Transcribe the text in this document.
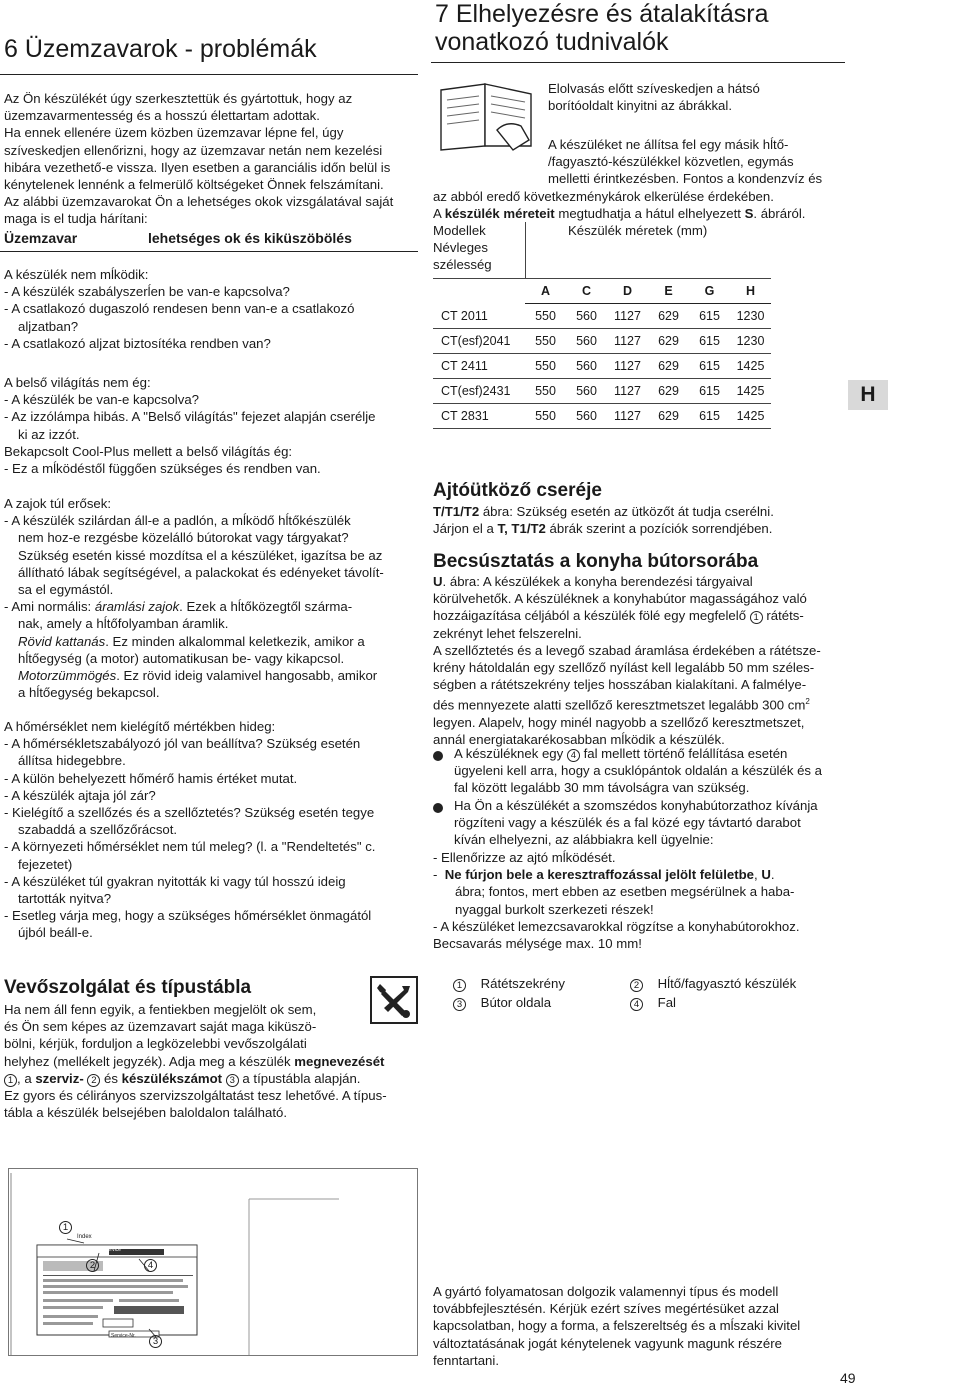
6 Üzemzavarok - problémák
Az Ön készülékét úgy szerkesztettük és gyártottuk, hogy az
üzemzavarmentesség és a hosszú élettartam adottak.
Ha ennek ellenére üzem közben üzemzavar lépne fel, úgy
szíveskedjen ellenőrizni, hogy az üzemzavar netán nem kezelési
hibára vezethető-e vissza. Ilyen esetben a garanciális időn belül is
kénytelenek lennénk a felmerülő költségeket Önnek felszámítani.
Az alábbi üzemzavarokat Ön a lehetséges okok vizsgálatával saját
maga is el tudja hárítani:
Üzemzavar	lehetséges ok és kiküszöbölés
A készülék nem mĺködik:
- A készülék szabályszerĺen be van-e kapcsolva?
- A csatlakozó dugaszoló rendesen benn van-e a csatlakozó
aljzatban?
- A csatlakozó aljzat biztosítéka rendben van?
A belső világítás nem ég:
- A készülék be van-e kapcsolva?
- Az izzólámpa hibás. A "Belső világítás" fejezet alapján cserélje
ki az izzót.
Bekapcsolt Cool-Plus mellett a belső világítás ég:
- Ez a mĺködéstől függően szükséges és rendben van.
A zajok túl erősek:
- A készülék szilárdan áll-e a padlón, a mĺködő hĺtőkészülék
nem hoz-e rezgésbe közelálló bútorokat vagy tárgyakat?
Szükség esetén kissé mozdítsa el a készüléket, igazítsa be az
állítható lábak segítségével, a palackokat és edényeket távolít-
sa el egymástól.
- Ami normális: áramlási zajok. Ezek a hĺtőközegtől szárma-
nak, amely a hĺtőfolyamban áramlik.
Rövid kattanás. Ez minden alkalommal keletkezik, amikor a
hĺtőegység (a motor) automatikusan be- vagy kikapcsol.
Motorzümmögés. Ez rövid ideig valamivel hangosabb, amikor
a hĺtőegység bekapcsol.
A hőmérséklet nem kielégítő mértékben hideg:
- A hőmérsékletszabályozó jól van beállítva? Szükség esetén
állítsa hidegebbre.
- A külön behelyezett hőmérő hamis értéket mutat.
- A készülék ajtaja jól zár?
- Kielégítő a szellőzés és a szellőztetés? Szükség esetén tegye
szabaddá a szellőzőrácsot.
- A környezeti hőmérséklet nem túl meleg? (l. a "Rendeltetés" c.
fejezetet)
- A készüléket túl gyakran nyitották ki vagy túl hosszú ideig
tartották nyitva?
- Esetleg várja meg, hogy a szükséges hőmérséklet önmagától
újból beáll-e.
Vevőszolgálat és típustábla
Ha nem áll fenn egyik, a fentiekben megjelölt ok sem,
és Ön sem képes az üzemzavart saját maga kiküszö-
bölni, kérjük, forduljon a legközelebbi vevőszolgálati
helyhez (mellékelt jegyzék). Adja meg a készülék megnevezését
1 , a szerviz- 2 és készülékszámot 3 a típustábla alapján.
Ez gyors és célirányos szervizszolgáltatást tesz lehetővé. A típus-
tábla a készülék belsejében baloldalon található.
1
2	4
3
Service-Nr./No. Service
Index
Service-Nr.
7 Elhelyezésre és átalakításra
vonatkozó tudnivalók
Elolvasás előtt szíveskedjen a hátsó
borítóoldalt kinyitni az ábrákkal.
A készüléket ne állítsa fel egy másik hĺtő-
/fagyasztó-készülékkel közvetlen, egymás
melletti érintkezésben. Fontos a kondenzvíz és
az abból eredő következménykárok elkerülése érdekében.
A készülék méreteit megtudhatja a hátul elhelyezett S. ábráról.
Modellek
Névleges
szélesség
Készülék méretek (mm)
	A	C	D	E	G	H
CT 2011	550	560	1127	629	615	1230
CT(esf)2041	550	560	1127	629	615	1230
CT 2411	550	560	1127	629	615	1425
CT(esf)2431	550	560	1127	629	615	1425
CT 2831	550	560	1127	629	615	1425
H
Ajtóütköző cseréje
T/T1/T2 ábra: Szükség esetén az ütközőt át tudja cserélni.
Járjon el a T, T1/T2 ábrák szerint a pozíciók sorrendjében.
Becsúsztatás a konyha bútorsorába
U. ábra: A készülékek a konyha berendezési tárgyaival
körülvehetők. A készüléknek a konyhabútor magasságához való
hozzáigazítása céljából a készülék fölé egy megfelelő 1 rátéts-
zekrényt lehet felszerelni.
A szellőztetés és a levegő szabad áramlása érdekében a rátétsze-
krény hátoldalán egy szellőző nyílást kell legalább 50 mm széles-
ségben a rátétszekrény teljes hosszában kialakítani. A falmélye-
dés mennyezete alatti szellőző keresztmetszet legalább 300 $cm^2$
legyen. Alapelv, hogy minél nagyobb a szellőző keresztmetszet,
annál energiatakarékosabban mĺködik a készülék.
A készüléknek egy 4 fal mellett történő felállítása esetén
ügyeleni kell arra, hogy a csuklópántok oldalán a készülék és a
fal között legalább 30 mm távolságra van szükség.
Ha Ön a készülékét a szomszédos konyhabútorzathoz kívánja
rögzíteni vagy a készülék és a fal közé egy távtartó darabot
kíván elhelyezni, az alábbiakra kell ügyelnie:
- Ellenőrizze az ajtó mĺködését.
-  Ne fúrjon bele a keresztraffozással jelölt felületbe, U.
ábra; fontos, mert ebben az esetben megsérülnek a haba-
nyaggal burkolt szerkezeti részek!
- A készüléket lemezcsavarokkal rögzítse a konyhabútorokhoz.
Becsavarás mélysége max. 10 mm!
1 Rátétszekrény
3 Bútor oldala
2 Hĺtő/fagyasztó készülék
4 Fal
A gyártó folyamatosan dolgozik valamennyi típus és modell
továbbfejlesztésén. Kérjük ezért szíves megértésüket azzal
kapcsolatban, hogy a forma, a felszereltség és a mĺszaki kivitel
változtatásának jogát kénytelenek vagyunk magunk részére
fenntartani.
49
